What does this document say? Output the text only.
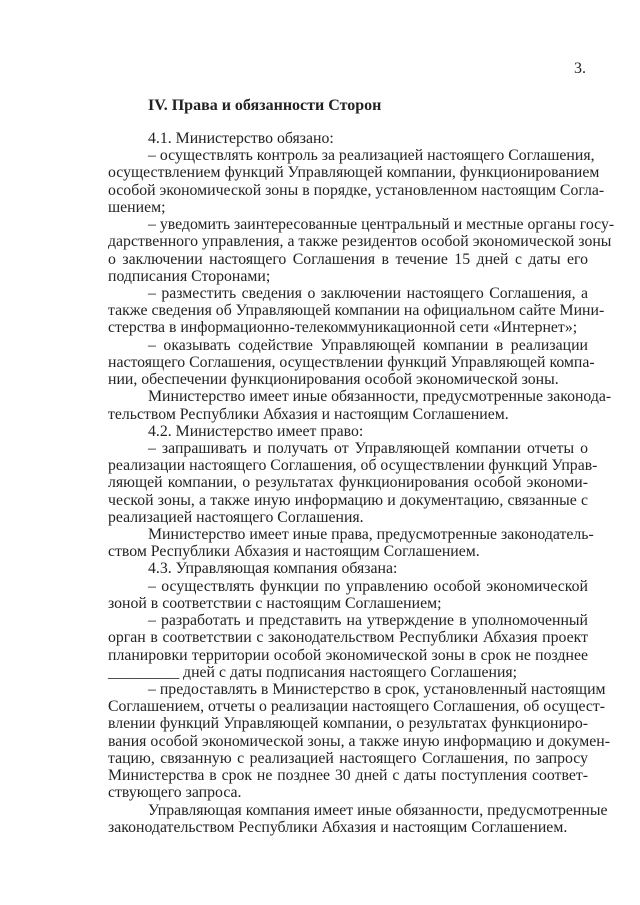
3.
IV. Права и обязанности Сторон
4.1. Министерство обязано:
– осуществлять контроль за реализацией настоящего Соглашения,
осуществлением функций Управляющей компании, функционированием
особой экономической зоны в порядке, установленном настоящим Согла-
шением;
– уведомить заинтересованные центральный и местные органы госу-
дарственного управления, а также резидентов особой экономической зоны
о заключении настоящего Соглашения в течение 15 дней с даты его
подписания Сторонами;
– разместить сведения о заключении настоящего Соглашения, а
также сведения об Управляющей компании на официальном сайте Мини-
стерства в информационно-телекоммуникационной сети «Интернет»;
– оказывать содействие Управляющей компании в реализации
настоящего Соглашения, осуществлении функций Управляющей компа-
нии, обеспечении функционирования особой экономической зоны.
Министерство имеет иные обязанности, предусмотренные законода-
тельством Республики Абхазия и настоящим Соглашением.
4.2. Министерство имеет право:
– запрашивать и получать от Управляющей компании отчеты о
реализации настоящего Соглашения, об осуществлении функций Управ-
ляющей компании, о результатах функционирования особой экономи-
ческой зоны, а также иную информацию и документацию, связанные с
реализацией настоящего Соглашения.
Министерство имеет иные права, предусмотренные законодатель-
ством Республики Абхазия и настоящим Соглашением.
4.3. Управляющая компания обязана:
– осуществлять функции по управлению особой экономической
зоной в соответствии с настоящим Соглашением;
– разработать и представить на утверждение в уполномоченный
орган в соответствии с законодательством Республики Абхазия проект
планировки территории особой экономической зоны в срок не позднее
_________ дней с даты подписания настоящего Соглашения;
– предоставлять в Министерство в срок, установленный настоящим
Соглашением, отчеты о реализации настоящего Соглашения, об осущест-
влении функций Управляющей компании, о результатах функциониро-
вания особой экономической зоны, а также иную информацию и докумен-
тацию, связанную с реализацией настоящего Соглашения, по запросу
Министерства в срок не позднее 30 дней с даты поступления соответ-
ствующего запроса.
Управляющая компания имеет иные обязанности, предусмотренные
законодательством Республики Абхазия и настоящим Соглашением.
